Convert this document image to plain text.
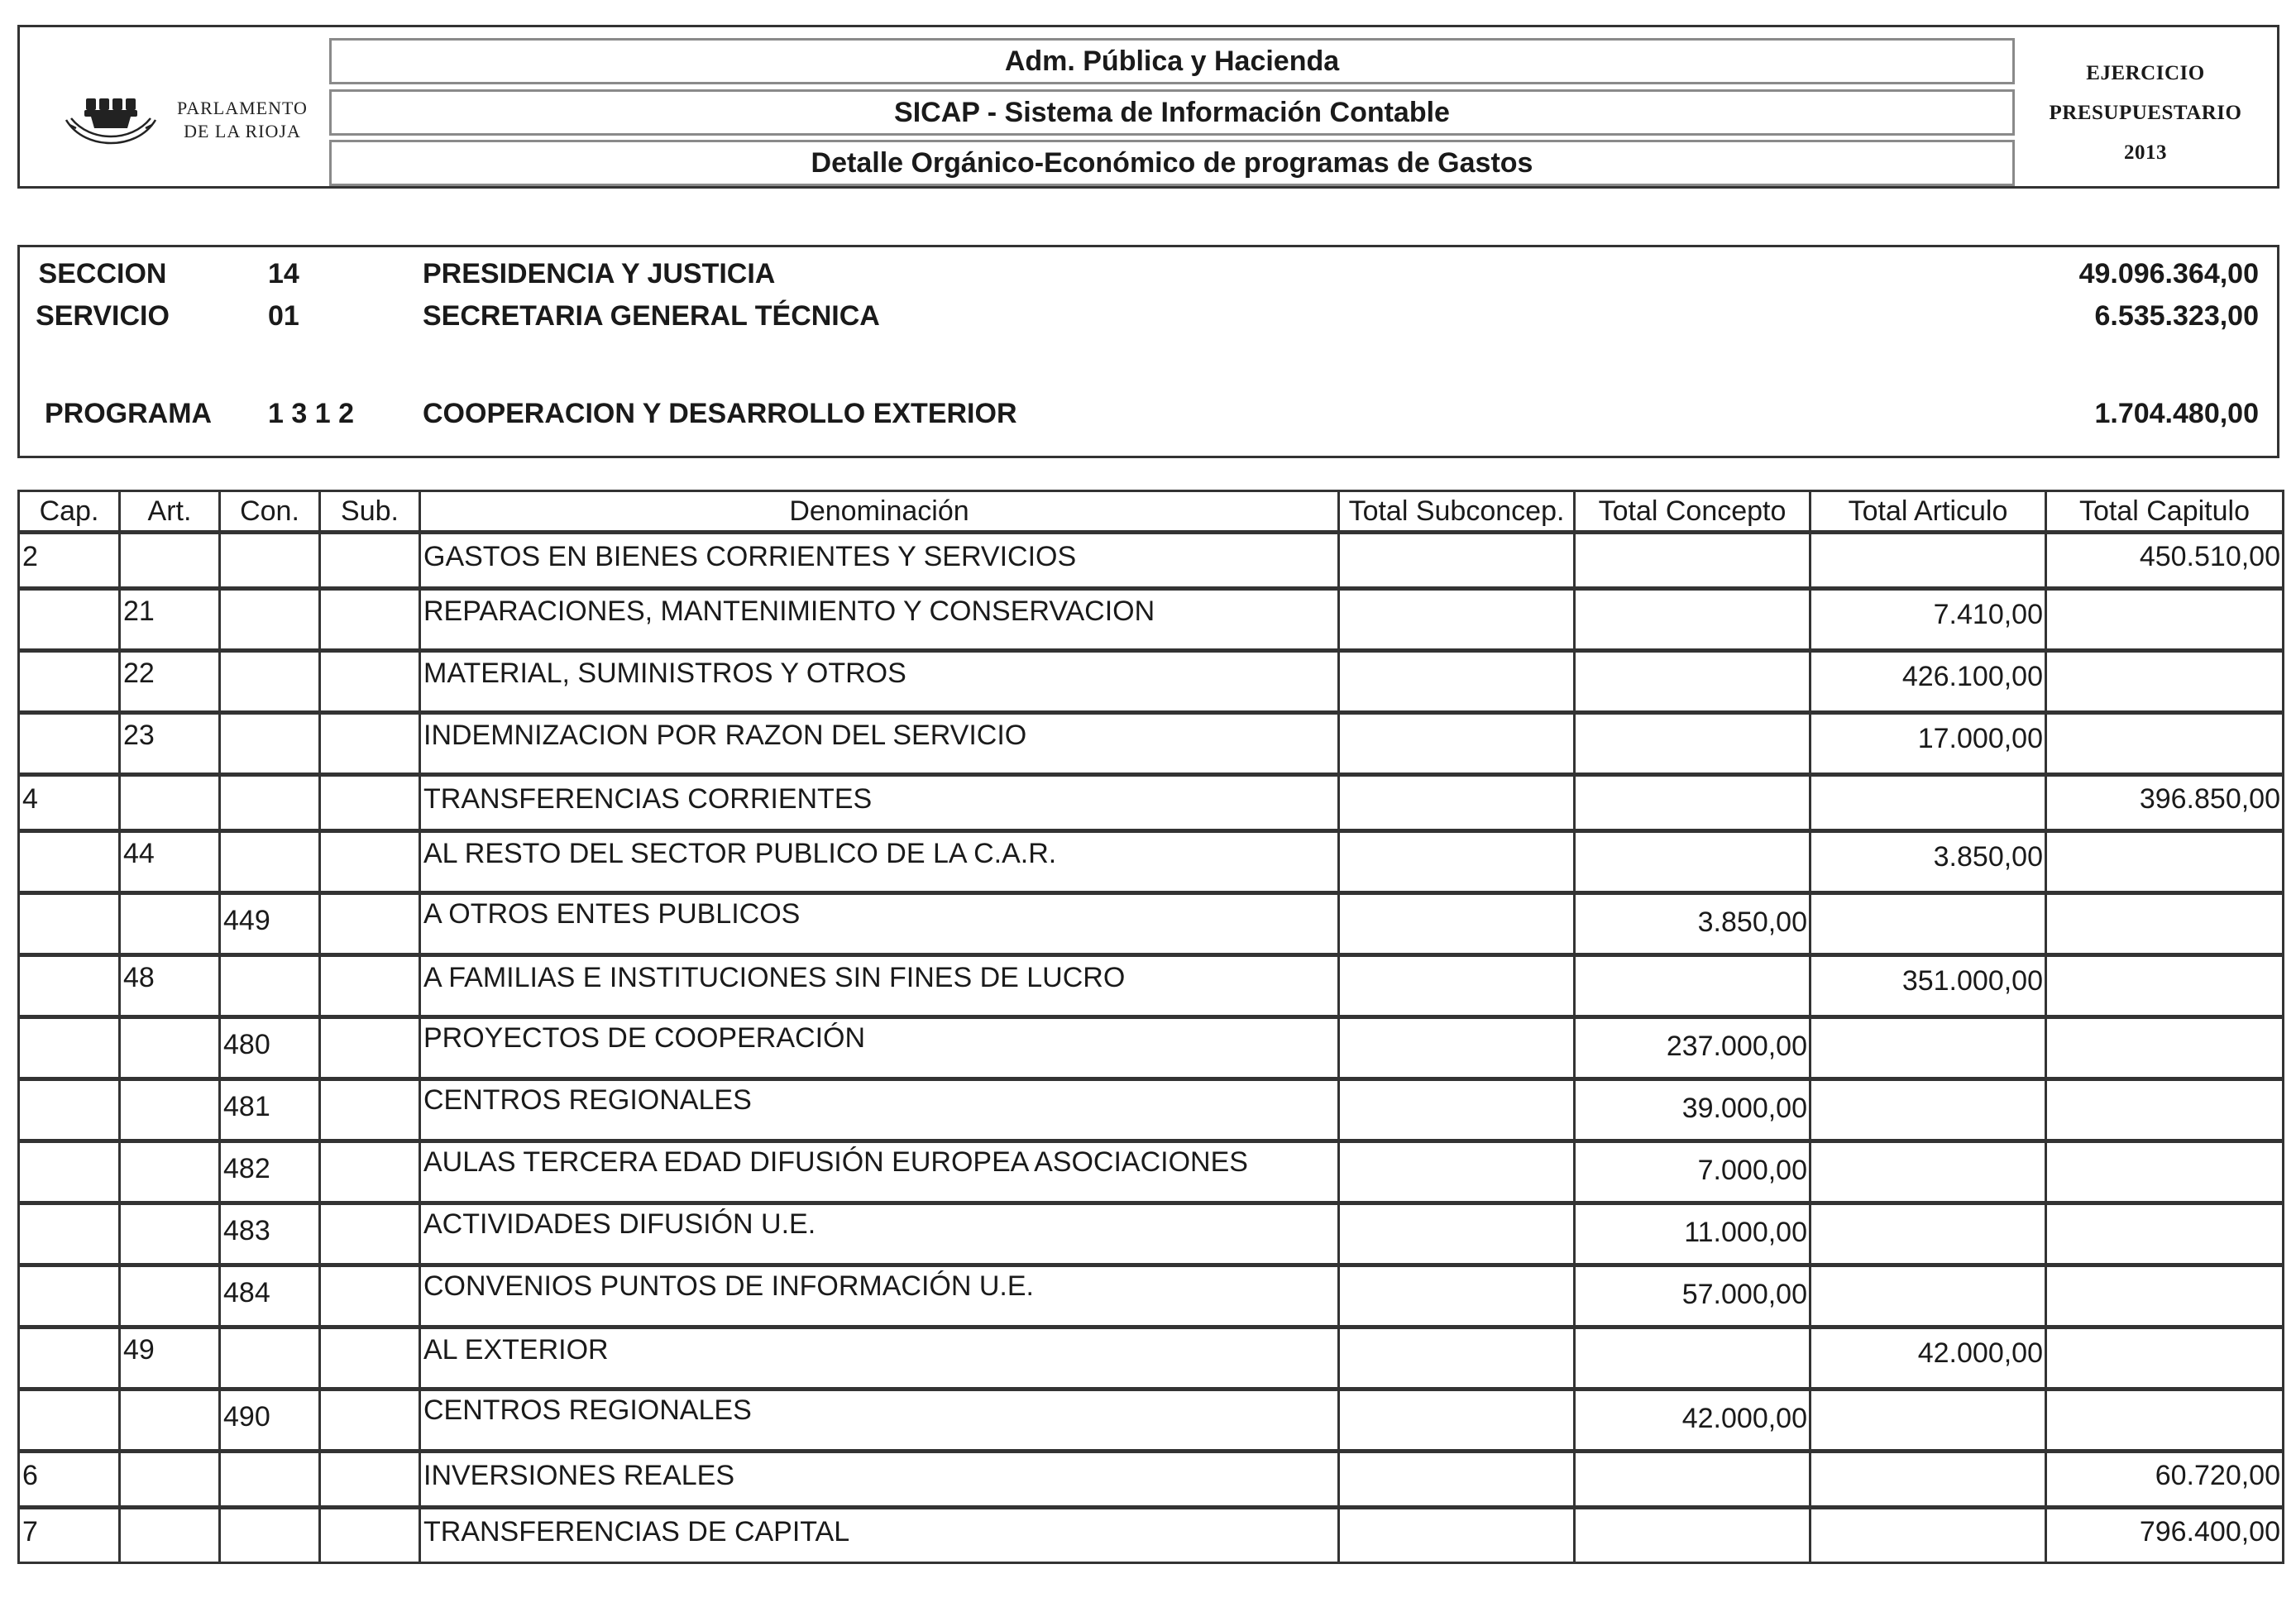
PARLAMENTO
DE LA RIOJA
Adm. Pública y Hacienda
SICAP - Sistema de Información Contable
Detalle Orgánico-Económico de programas de Gastos
EJERCICIO
PRESUPUESTARIO
2013
SECCION	14	PRESIDENCIA Y JUSTICIA	49.096.364,00
SERVICIO	01	SECRETARIA GENERAL TÉCNICA	6.535.323,00
PROGRAMA	1 3 1 2 COOPERACION Y DESARROLLO EXTERIOR	1.704.480,00
Cap.	Art.	Con.	Sub.	Denominación	Total Subconcep.	Total Concepto	Total Articulo	Total Capitulo

2				GASTOS EN BIENES CORRIENTES Y SERVICIOS				450.510,00

	21			REPARACIONES, MANTENIMIENTO Y CONSERVACION			7.410,00	

	22			MATERIAL, SUMINISTROS Y OTROS			426.100,00	

	23			INDEMNIZACION POR RAZON DEL SERVICIO			17.000,00	

4				TRANSFERENCIAS CORRIENTES				396.850,00

	44			AL RESTO DEL SECTOR PUBLICO DE LA C.A.R.			3.850,00	

		449		A OTROS ENTES PUBLICOS		3.850,00		

	48			A FAMILIAS E INSTITUCIONES SIN FINES DE LUCRO			351.000,00	

		480		PROYECTOS DE COOPERACIÓN		237.000,00		

		481		CENTROS REGIONALES		39.000,00		

		482		AULAS TERCERA EDAD DIFUSIÓN EUROPEA ASOCIACIONES		7.000,00		

		483		ACTIVIDADES DIFUSIÓN U.E.		11.000,00		

		484		CONVENIOS PUNTOS DE INFORMACIÓN U.E.		57.000,00		

	49			AL EXTERIOR			42.000,00	

		490		CENTROS REGIONALES		42.000,00		

6				INVERSIONES REALES				60.720,00

7				TRANSFERENCIAS DE CAPITAL				796.400,00
